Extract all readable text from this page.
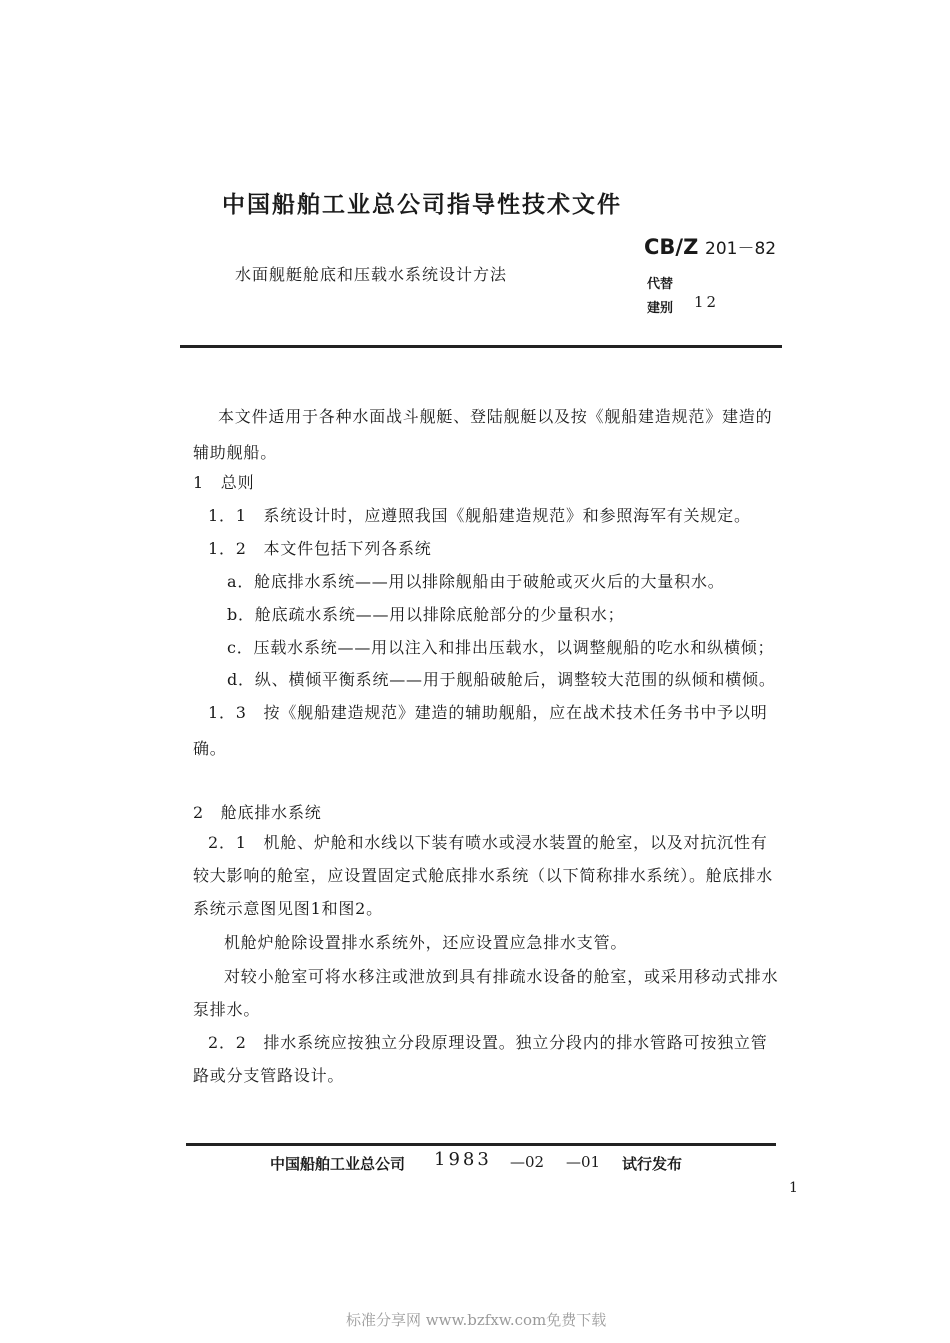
中国船舶工业总公司指导性技术文件
水面舰艇舱底和压载水系统设计方法
CB/Z 201－82
代替
建别 12
本文件适用于各种水面战斗舰艇、登陆舰艇以及按《舰船建造规范》建造的
辅助舰船。
1　总则
1．1　系统设计时，应遵照我国《舰船建造规范》和参照海军有关规定。
1．2　本文件包括下列各系统
a．舱底排水系统——用以排除舰船由于破舱或灭火后的大量积水。
b．舱底疏水系统——用以排除底舱部分的少量积水；
c．压载水系统——用以注入和排出压载水，以调整舰船的吃水和纵横倾；
d．纵、横倾平衡系统——用于舰船破舱后，调整较大范围的纵倾和横倾。
1．3　按《舰船建造规范》建造的辅助舰船，应在战术技术任务书中予以明
确。
2　舱底排水系统
2．1　机舱、炉舱和水线以下装有喷水或浸水装置的舱室，以及对抗沉性有
较大影响的舱室，应设置固定式舱底排水系统（以下简称排水系统）。舱底排水
系统示意图见图1和图2。
机舱炉舱除设置排水系统外，还应设置应急排水支管。
对较小舱室可将水移注或泄放到具有排疏水设备的舱室，或采用移动式排水
泵排水。
2．2　排水系统应按独立分段原理设置。独立分段内的排水管路可按独立管
路或分支管路设计。
中国船舶工业总公司 1983 —02 —01 试行发布
1
标准分享网 www.bzfxw.com免费下载
